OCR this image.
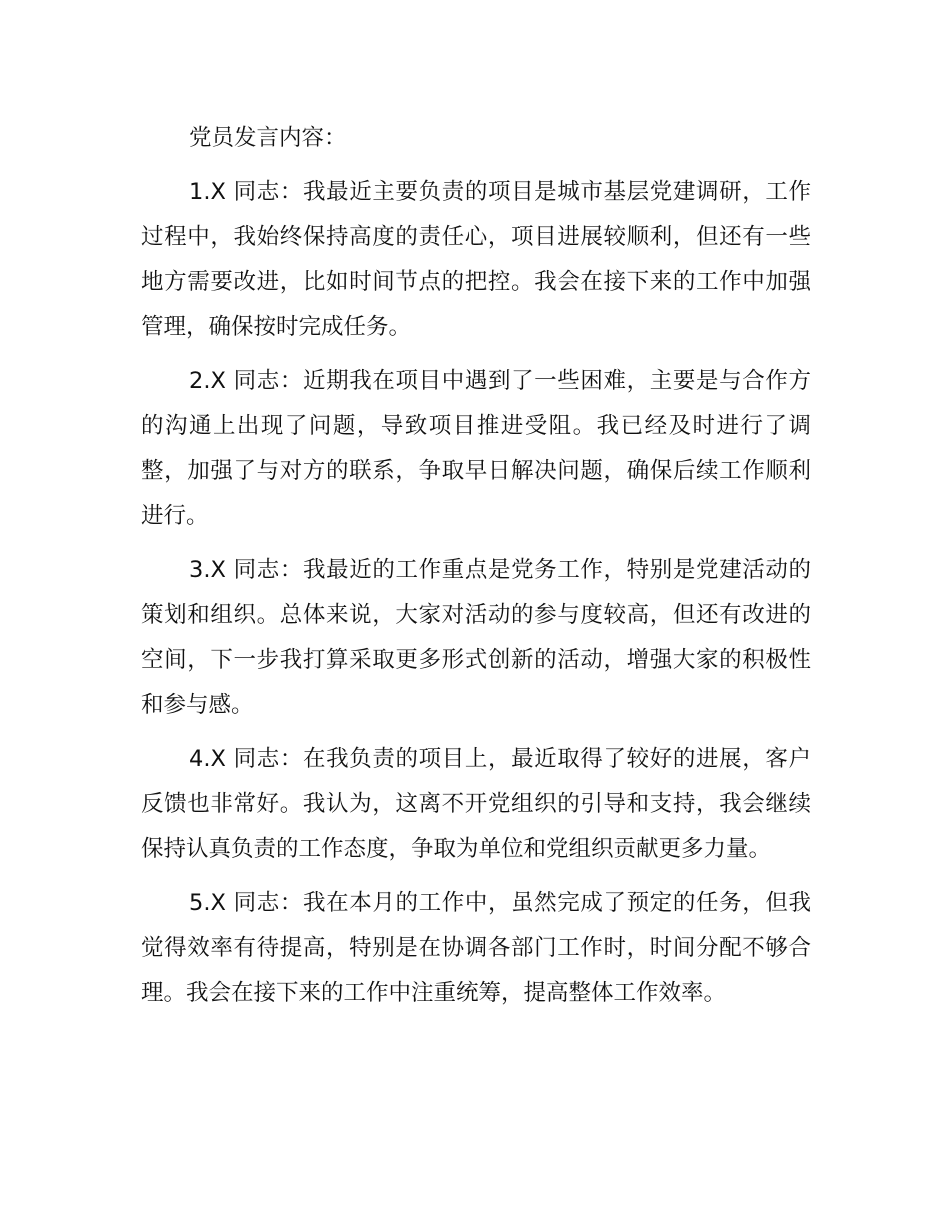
党员发言内容：

1.X 同志：我最近主要负责的项目是城市基层党建调研，工作过程中，我始终保持高度的责任心，项目进展较顺利，但还有一些地方需要改进，比如时间节点的把控。我会在接下来的工作中加强管理，确保按时完成任务。

2.X 同志：近期我在项目中遇到了一些困难，主要是与合作方的沟通上出现了问题，导致项目推进受阻。我已经及时进行了调整，加强了与对方的联系，争取早日解决问题，确保后续工作顺利进行。

3.X 同志：我最近的工作重点是党务工作，特别是党建活动的策划和组织。总体来说，大家对活动的参与度较高，但还有改进的空间，下一步我打算采取更多形式创新的活动，增强大家的积极性和参与感。

4.X 同志：在我负责的项目上，最近取得了较好的进展，客户反馈也非常好。我认为，这离不开党组织的引导和支持，我会继续保持认真负责的工作态度，争取为单位和党组织贡献更多力量。

5.X 同志：我在本月的工作中，虽然完成了预定的任务，但我觉得效率有待提高，特别是在协调各部门工作时，时间分配不够合理。我会在接下来的工作中注重统筹，提高整体工作效率。
